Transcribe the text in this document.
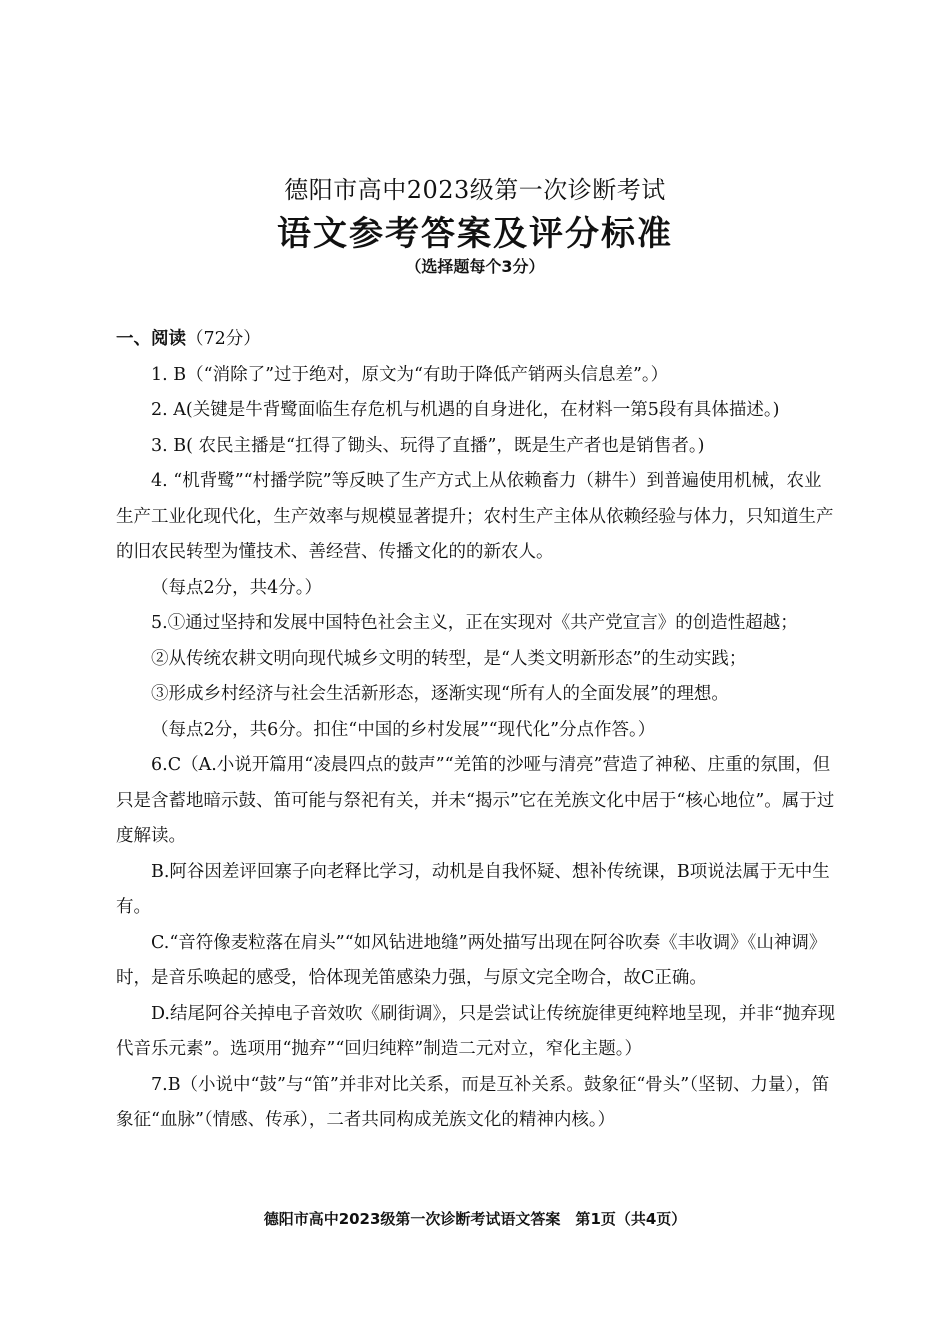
德阳市高中2023级第一次诊断考试
语文参考答案及评分标准
（选择题每个3分）

一、阅读（72分）

1. B（“消除了”过于绝对，原文为“有助于降低产销两头信息差”。）

2. A(关键是牛背鹭面临生存危机与机遇的自身进化，在材料一第5段有具体描述。)

3. B( 农民主播是“扛得了锄头、玩得了直播”，既是生产者也是销售者。)

4. “机背鹭”“村播学院”等反映了生产方式上从依赖畜力（耕牛）到普遍使用机械，农业生产工业化现代化，生产效率与规模显著提升；农村生产主体从依赖经验与体力，只知道生产的旧农民转型为懂技术、善经营、传播文化的的新农人。

（每点2分，共4分。）

5.①通过坚持和发展中国特色社会主义，正在实现对《共产党宣言》的创造性超越；

②从传统农耕文明向现代城乡文明的转型，是“人类文明新形态”的生动实践；

③形成乡村经济与社会生活新形态，逐渐实现“所有人的全面发展”的理想。

（每点2分，共6分。扣住“中国的乡村发展”“现代化”分点作答。）

6.C（A.小说开篇用“凌晨四点的鼓声”“羌笛的沙哑与清亮”营造了神秘、庄重的氛围，但只是含蓄地暗示鼓、笛可能与祭祀有关，并未“揭示”它在羌族文化中居于“核心地位”。属于过度解读。

B.阿谷因差评回寨子向老释比学习，动机是自我怀疑、想补传统课，B项说法属于无中生有。

C.“音符像麦粒落在肩头”“如风钻进地缝”两处描写出现在阿谷吹奏《丰收调》《山神调》时，是音乐唤起的感受，恰体现羌笛感染力强，与原文完全吻合，故C正确。

D.结尾阿谷关掉电子音效吹《刷街调》，只是尝试让传统旋律更纯粹地呈现，并非“抛弃现代音乐元素”。选项用“抛弃”“回归纯粹”制造二元对立，窄化主题。）

7.B（小说中“鼓”与“笛”并非对比关系，而是互补关系。鼓象征“骨头”（坚韧、力量），笛象征“血脉”（情感、传承），二者共同构成羌族文化的精神内核。）

德阳市高中2023级第一次诊断考试语文答案　第1页（共4页）
